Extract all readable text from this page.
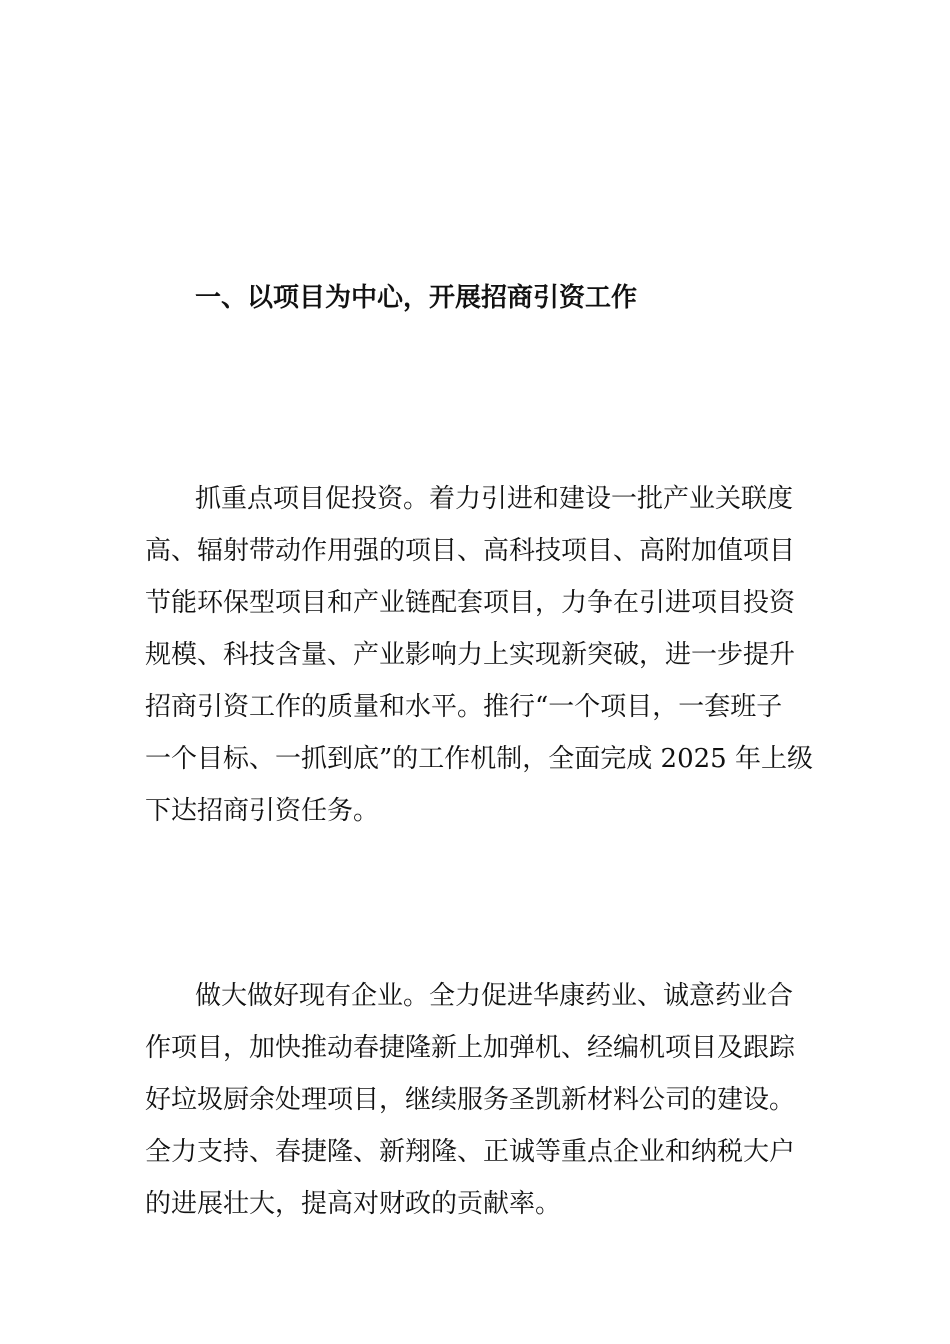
一、以项目为中心，开展招商引资工作
抓重点项目促投资。着力引进和建设一批产业关联度
高、辐射带动作用强的项目、高科技项目、高附加值项目
节能环保型项目和产业链配套项目，力争在引进项目投资
规模、科技含量、产业影响力上实现新突破，进一步提升
招商引资工作的质量和水平。推行“一个项目，一套班子
一个目标、一抓到底”的工作机制，全面完成 2025 年上级
下达招商引资任务。
做大做好现有企业。全力促进华康药业、诚意药业合
作项目，加快推动春捷隆新上加弹机、经编机项目及跟踪
好垃圾厨余处理项目，继续服务圣凯新材料公司的建设。
全力支持、春捷隆、新翔隆、正诚等重点企业和纳税大户
的进展壮大，提高对财政的贡献率。
